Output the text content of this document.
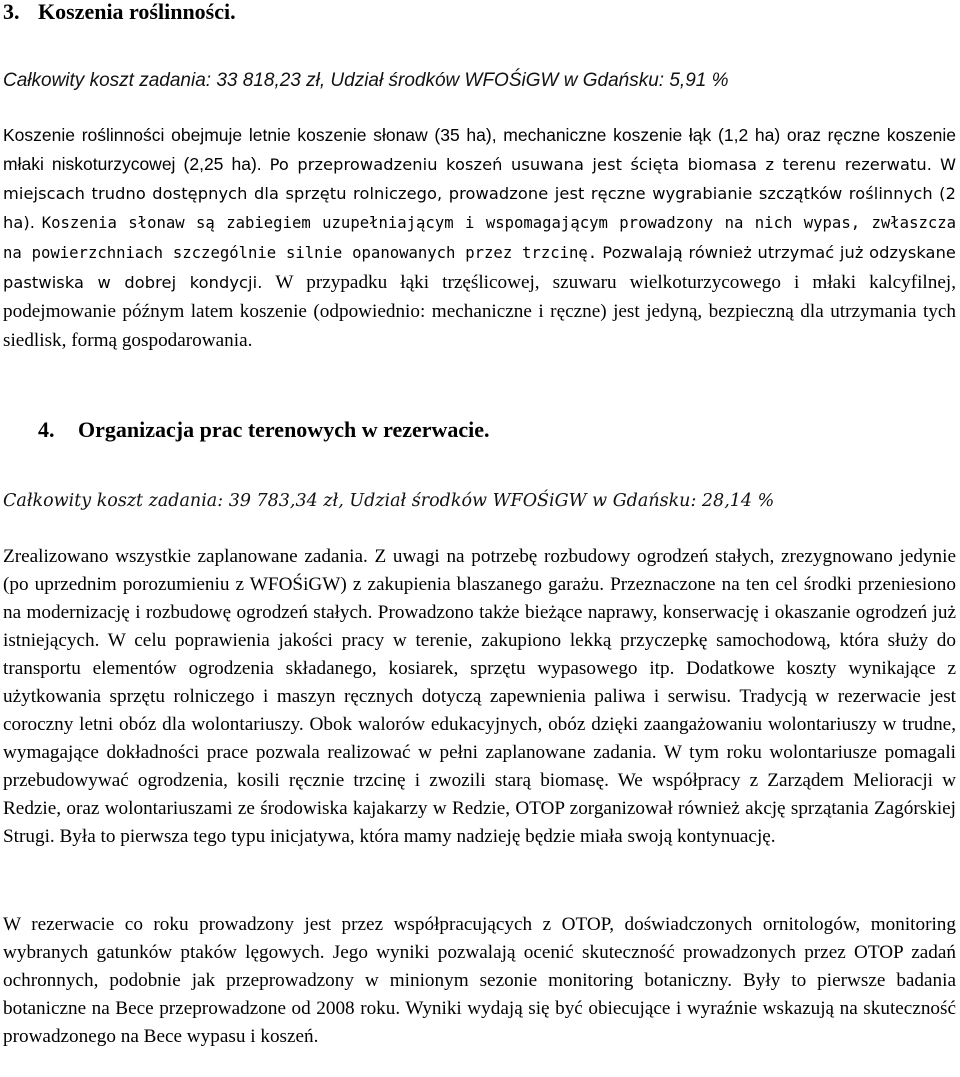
3. Koszenia roślinności.

Całkowity koszt zadania: 33 818,23 zł, Udział środków WFOŚiGW w Gdańsku: 5,91 %

Koszenie roślinności obejmuje letnie koszenie słonaw (35 ha), mechaniczne koszenie łąk (1,2 ha) oraz ręczne koszenie młaki niskoturzycowej (2,25 ha). Po przeprowadzeniu koszeń usuwana jest ścięta biomasa z terenu rezerwatu. W miejscach trudno dostępnych dla sprzętu rolniczego, prowadzone jest ręczne wygrabianie szczątków roślinnych (2 ha). Koszenia słonaw są zabiegiem uzupełniającym i wspomagającym prowadzony na nich wypas, zwłaszcza na powierzchniach szczególnie silnie opanowanych przez trzcinę. Pozwalają również utrzymać już odzyskane pastwiska w dobrej kondycji. W przypadku łąki trzęślicowej, szuwaru wielkoturzycowego i młaki kalcyfilnej, podejmowanie późnym latem koszenie (odpowiednio: mechaniczne i ręczne) jest jedyną, bezpieczną dla utrzymania tych siedlisk, formą gospodarowania.

4. Organizacja prac terenowych w rezerwacie.

Całkowity koszt zadania: 39 783,34 zł, Udział środków WFOŚiGW w Gdańsku: 28,14 %

Zrealizowano wszystkie zaplanowane zadania. Z uwagi na potrzebę rozbudowy ogrodzeń stałych, zrezygnowano jedynie (po uprzednim porozumieniu z WFOŚiGW) z zakupienia blaszanego garażu. Przeznaczone na ten cel środki przeniesiono na modernizację i rozbudowę ogrodzeń stałych. Prowadzono także bieżące naprawy, konserwację i okaszanie ogrodzeń już istniejących. W celu poprawienia jakości pracy w terenie, zakupiono lekką przyczepkę samochodową, która służy do transportu elementów ogrodzenia składanego, kosiarek, sprzętu wypasowego itp. Dodatkowe koszty wynikające z użytkowania sprzętu rolniczego i maszyn ręcznych dotyczą zapewnienia paliwa i serwisu. Tradycją w rezerwacie jest coroczny letni obóz dla wolontariuszy. Obok walorów edukacyjnych, obóz dzięki zaangażowaniu wolontariuszy w trudne, wymagające dokładności prace pozwala realizować w pełni zaplanowane zadania. W tym roku wolontariusze pomagali przebudowywać ogrodzenia, kosili ręcznie trzcinę i zwozili starą biomasę. We współpracy z Zarządem Melioracji w Redzie, oraz wolontariuszami ze środowiska kajakarzy w Redzie, OTOP zorganizował również akcję sprzątania Zagórskiej Strugi. Była to pierwsza tego typu inicjatywa, która mamy nadzieję będzie miała swoją kontynuację.

W rezerwacie co roku prowadzony jest przez współpracujących z OTOP, doświadczonych ornitologów, monitoring wybranych gatunków ptaków lęgowych. Jego wyniki pozwalają ocenić skuteczność prowadzonych przez OTOP zadań ochronnych, podobnie jak przeprowadzony w minionym sezonie monitoring botaniczny. Były to pierwsze badania botaniczne na Bece przeprowadzone od 2008 roku. Wyniki wydają się być obiecujące i wyraźnie wskazują na skuteczność prowadzonego na Bece wypasu i koszeń.
